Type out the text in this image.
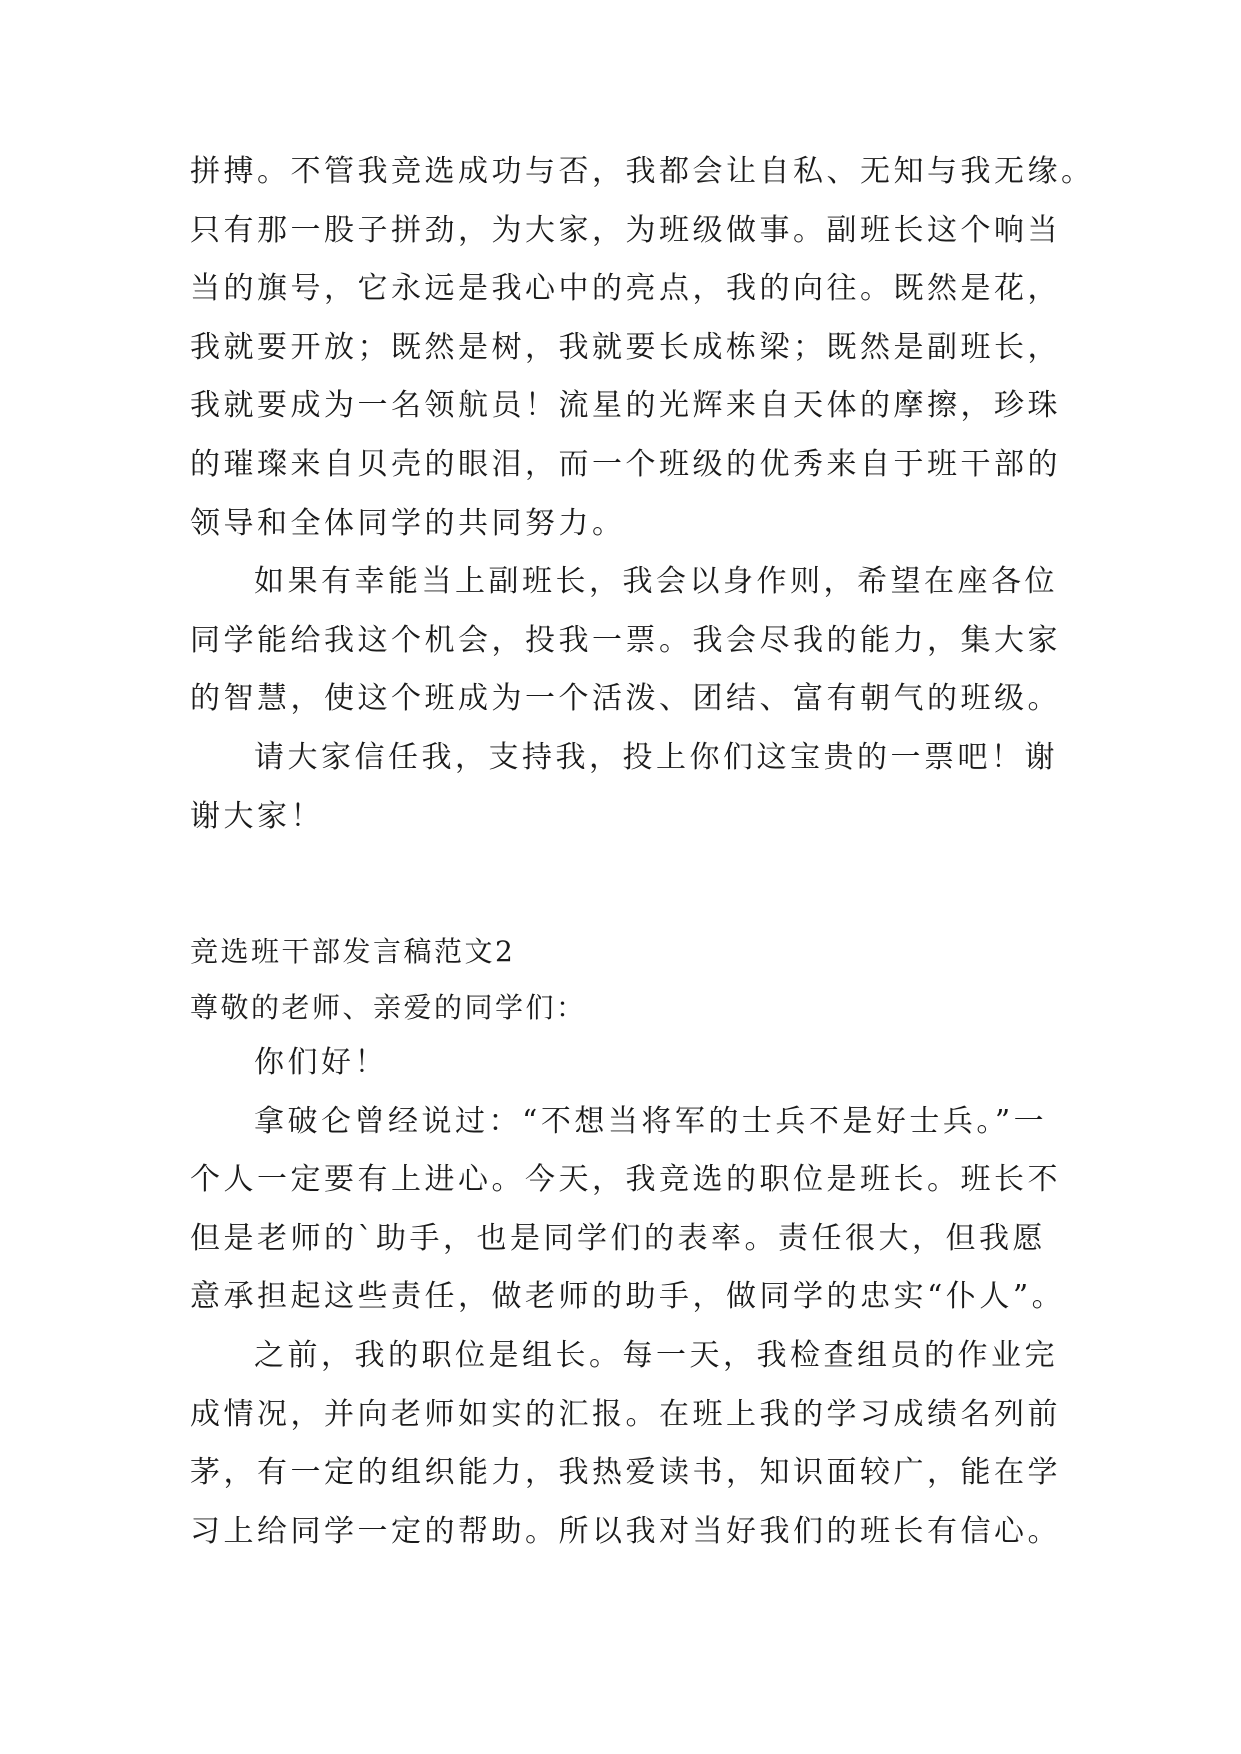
拼搏。不管我竞选成功与否，我都会让自私、无知与我无缘。
只有那一股子拼劲，为大家，为班级做事。副班长这个响当
当的旗号，它永远是我心中的亮点，我的向往。既然是花，
我就要开放；既然是树，我就要长成栋梁；既然是副班长，
我就要成为一名领航员！流星的光辉来自天体的摩擦，珍珠
的璀璨来自贝壳的眼泪，而一个班级的优秀来自于班干部的
领导和全体同学的共同努力。
如果有幸能当上副班长，我会以身作则，希望在座各位
同学能给我这个机会，投我一票。我会尽我的能力，集大家
的智慧，使这个班成为一个活泼、团结、富有朝气的班级。
请大家信任我，支持我，投上你们这宝贵的一票吧！谢
谢大家！
竞选班干部发言稿范文2
尊敬的老师、亲爱的同学们：
你们好！
拿破仑曾经说过：“不想当将军的士兵不是好士兵。”一
个人一定要有上进心。今天，我竞选的职位是班长。班长不
但是老师的`助手，也是同学们的表率。责任很大，但我愿
意承担起这些责任，做老师的助手，做同学的忠实“仆人”。
之前，我的职位是组长。每一天，我检查组员的作业完
成情况，并向老师如实的汇报。在班上我的学习成绩名列前
茅，有一定的组织能力，我热爱读书，知识面较广，能在学
习上给同学一定的帮助。所以我对当好我们的班长有信心。
